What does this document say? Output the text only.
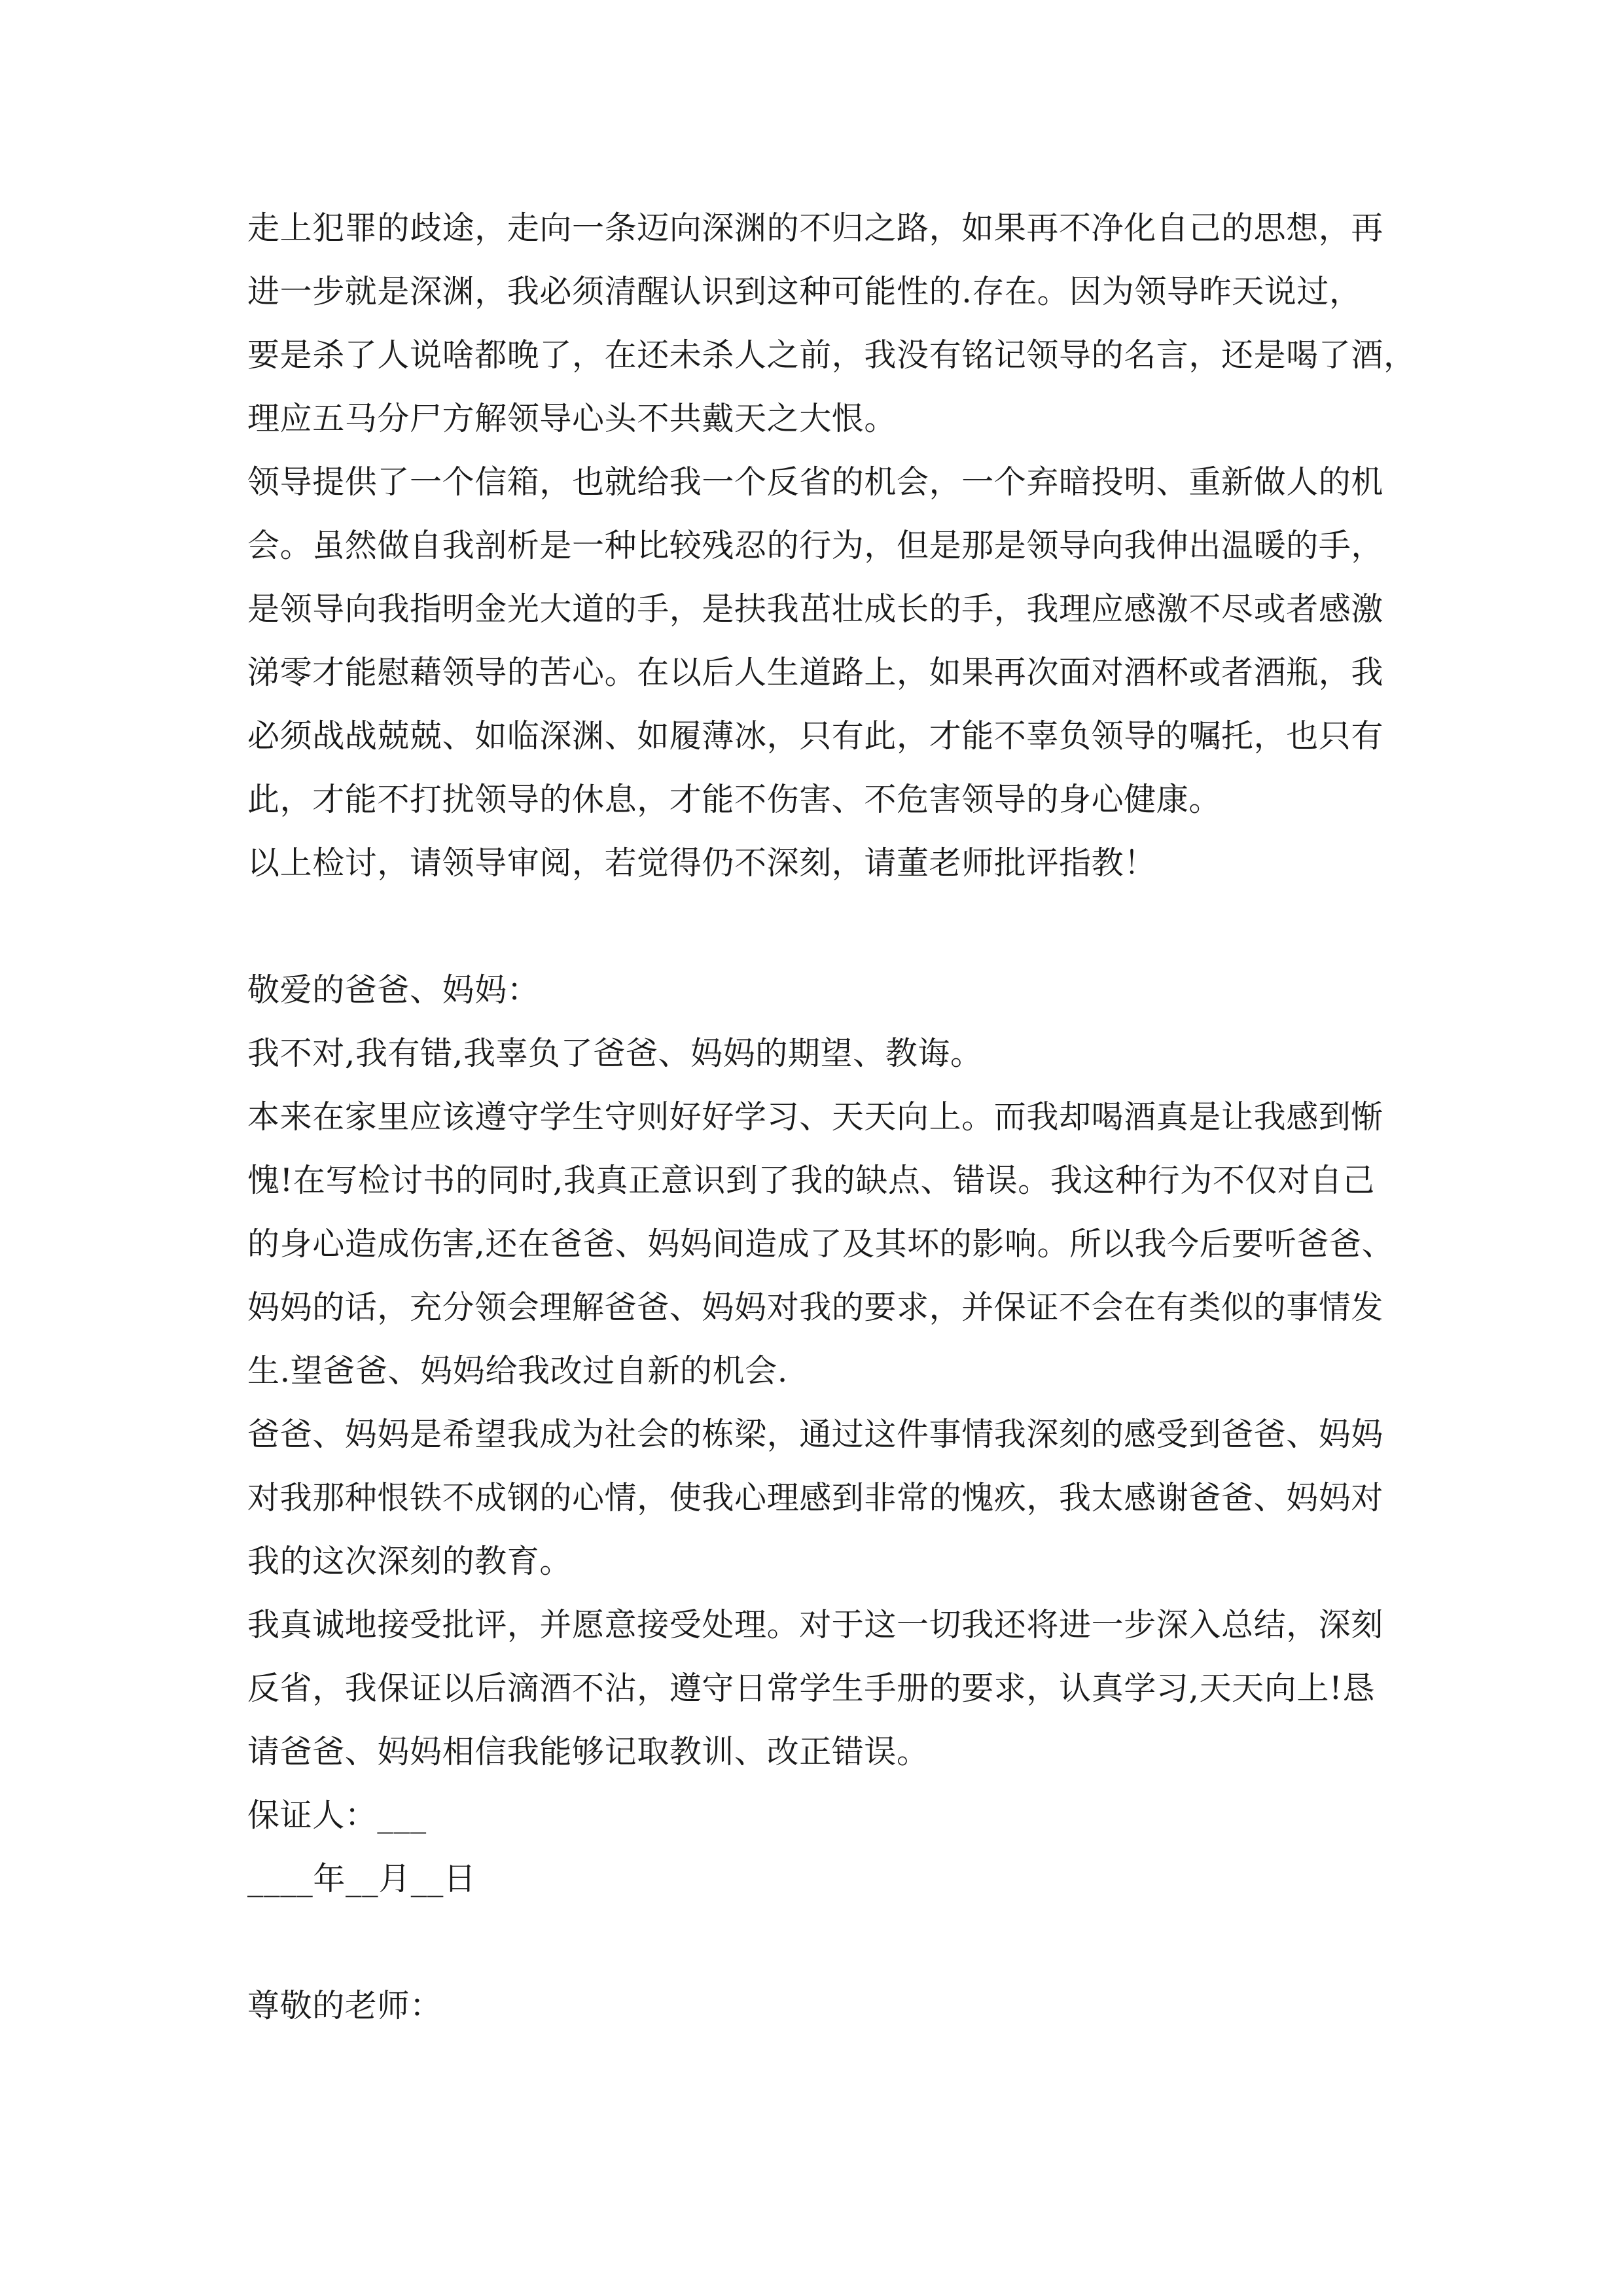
走上犯罪的歧途，走向一条迈向深渊的不归之路，如果再不净化自己的思想，再

进一步就是深渊，我必须清醒认识到这种可能性的.存在。因为领导昨天说过，

要是杀了人说啥都晚了，在还未杀人之前，我没有铭记领导的名言，还是喝了酒，

理应五马分尸方解领导心头不共戴天之大恨。

领导提供了一个信箱，也就给我一个反省的机会，一个弃暗投明、重新做人的机

会。虽然做自我剖析是一种比较残忍的行为，但是那是领导向我伸出温暖的手，

是领导向我指明金光大道的手，是扶我茁壮成长的手，我理应感激不尽或者感激

涕零才能慰藉领导的苦心。在以后人生道路上，如果再次面对酒杯或者酒瓶，我

必须战战兢兢、如临深渊、如履薄冰，只有此，才能不辜负领导的嘱托，也只有

此，才能不打扰领导的休息，才能不伤害、不危害领导的身心健康。

以上检讨，请领导审阅，若觉得仍不深刻，请董老师批评指教！

敬爱的爸爸、妈妈：

我不对,我有错,我辜负了爸爸、妈妈的期望、教诲。

本来在家里应该遵守学生守则好好学习、天天向上。而我却喝酒真是让我感到惭

愧!在写检讨书的同时,我真正意识到了我的缺点、错误。我这种行为不仅对自己

的身心造成伤害,还在爸爸、妈妈间造成了及其坏的影响。所以我今后要听爸爸、

妈妈的话，充分领会理解爸爸、妈妈对我的要求，并保证不会在有类似的事情发

生.望爸爸、妈妈给我改过自新的机会.

爸爸、妈妈是希望我成为社会的栋梁，通过这件事情我深刻的感受到爸爸、妈妈

对我那种恨铁不成钢的心情，使我心理感到非常的愧疚，我太感谢爸爸、妈妈对

我的这次深刻的教育。

我真诚地接受批评，并愿意接受处理。对于这一切我还将进一步深入总结，深刻

反省，我保证以后滴酒不沾，遵守日常学生手册的要求，认真学习,天天向上!恳

请爸爸、妈妈相信我能够记取教训、改正错误。

保证人：___

____年__月__日

尊敬的老师：
